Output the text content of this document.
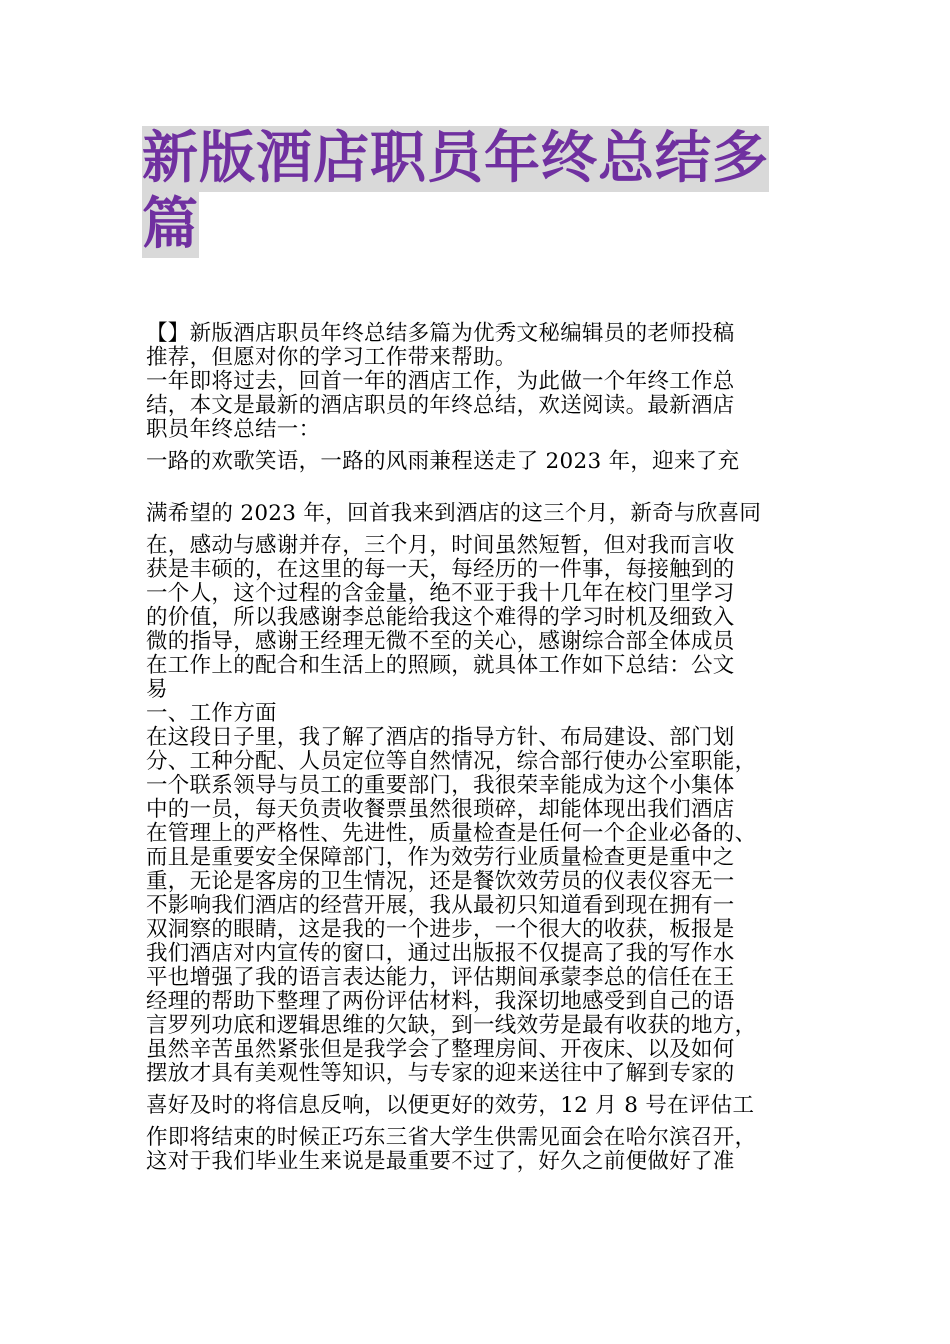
新版酒店职员年终总结多
篇
【】新版酒店职员年终总结多篇为优秀文秘编辑员的老师投稿
推荐，但愿对你的学习工作带来帮助。
一年即将过去，回首一年的酒店工作，为此做一个年终工作总
结，本文是最新的酒店职员的年终总结，欢送阅读。最新酒店
职员年终总结一：
一路的欢歌笑语，一路的风雨兼程送走了 2023 年，迎来了充
满希望的 2023 年，回首我来到酒店的这三个月，新奇与欣喜同
在，感动与感谢并存，三个月，时间虽然短暂，但对我而言收
获是丰硕的，在这里的每一天，每经历的一件事，每接触到的
一个人，这个过程的含金量，绝不亚于我十几年在校门里学习
的价值，所以我感谢李总能给我这个难得的学习时机及细致入
微的指导，感谢王经理无微不至的关心，感谢综合部全体成员
在工作上的配合和生活上的照顾，就具体工作如下总结：公文
易
一、工作方面
在这段日子里，我了解了酒店的指导方针、布局建设、部门划
分、工种分配、人员定位等自然情况，综合部行使办公室职能，
一个联系领导与员工的重要部门，我很荣幸能成为这个小集体
中的一员，每天负责收餐票虽然很琐碎，却能体现出我们酒店
在管理上的严格性、先进性，质量检查是任何一个企业必备的、
而且是重要安全保障部门，作为效劳行业质量检查更是重中之
重，无论是客房的卫生情况，还是餐饮效劳员的仪表仪容无一
不影响我们酒店的经营开展，我从最初只知道看到现在拥有一
双洞察的眼睛，这是我的一个进步，一个很大的收获，板报是
我们酒店对内宣传的窗口，通过出版报不仅提高了我的写作水
平也增强了我的语言表达能力，评估期间承蒙李总的信任在王
经理的帮助下整理了两份评估材料，我深切地感受到自己的语
言罗列功底和逻辑思维的欠缺，到一线效劳是最有收获的地方，
虽然辛苦虽然紧张但是我学会了整理房间、开夜床、以及如何
摆放才具有美观性等知识，与专家的迎来送往中了解到专家的
喜好及时的将信息反响，以便更好的效劳，12 月 8 号在评估工
作即将结束的时候正巧东三省大学生供需见面会在哈尔滨召开，
这对于我们毕业生来说是最重要不过了，好久之前便做好了准
